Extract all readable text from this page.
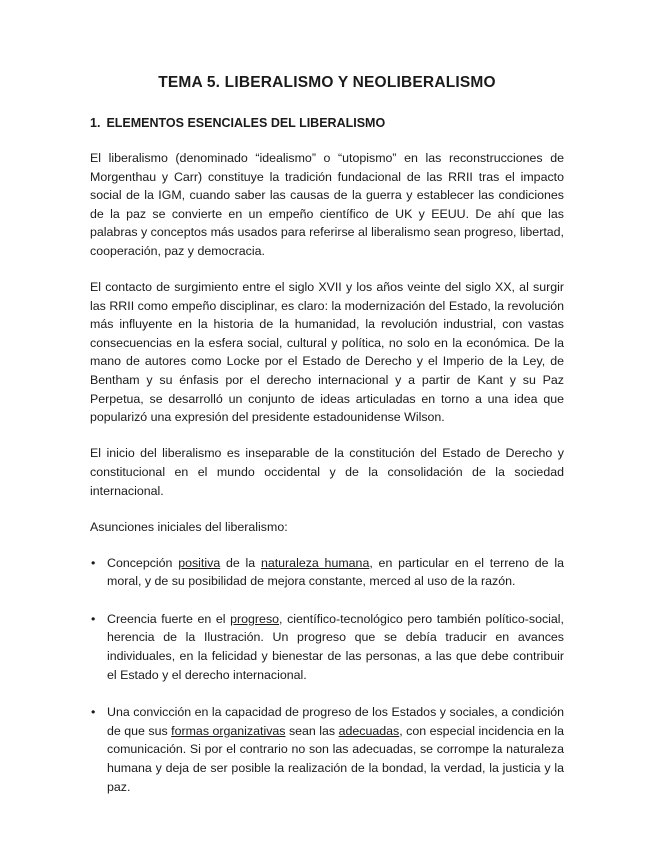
TEMA 5. LIBERALISMO Y NEOLIBERALISMO
1. ELEMENTOS ESENCIALES DEL LIBERALISMO

El liberalismo (denominado “idealismo” o “utopismo” en las reconstrucciones de Morgenthau y Carr) constituye la tradición fundacional de las RRII tras el impacto social de la IGM, cuando saber las causas de la guerra y establecer las condiciones de la paz se convierte en un empeño científico de UK y EEUU. De ahí que las palabras y conceptos más usados para referirse al liberalismo sean progreso, libertad, cooperación, paz y democracia.

El contacto de surgimiento entre el siglo XVII y los años veinte del siglo XX, al surgir las RRII como empeño disciplinar, es claro: la modernización del Estado, la revolución más influyente en la historia de la humanidad, la revolución industrial, con vastas consecuencias en la esfera social, cultural y política, no solo en la económica. De la mano de autores como Locke por el Estado de Derecho y el Imperio de la Ley, de Bentham y su énfasis por el derecho internacional y a partir de Kant y su Paz Perpetua, se desarrolló un conjunto de ideas articuladas en torno a una idea que popularizó una expresión del presidente estadounidense Wilson.

El inicio del liberalismo es inseparable de la constitución del Estado de Derecho y constitucional en el mundo occidental y de la consolidación de la sociedad internacional.

Asunciones iniciales del liberalismo:

• Concepción positiva de la naturaleza humana, en particular en el terreno de la moral, y de su posibilidad de mejora constante, merced al uso de la razón.
• Creencia fuerte en el progreso, científico-tecnológico pero también político-social, herencia de la Ilustración. Un progreso que se debía traducir en avances individuales, en la felicidad y bienestar de las personas, a las que debe contribuir el Estado y el derecho internacional.
• Una convicción en la capacidad de progreso de los Estados y sociales, a condición de que sus formas organizativas sean las adecuadas, con especial incidencia en la comunicación. Si por el contrario no son las adecuadas, se corrompe la naturaleza humana y deja de ser posible la realización de la bondad, la verdad, la justicia y la paz.
